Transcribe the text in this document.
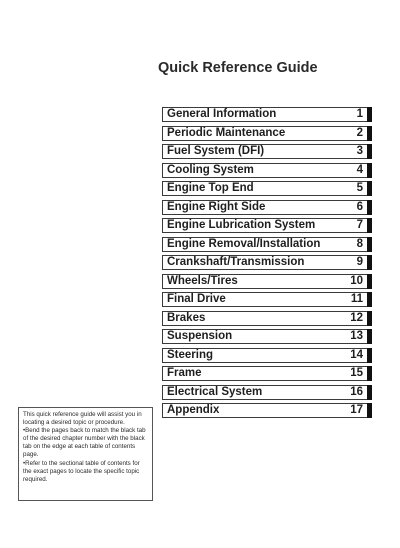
Quick Reference Guide
General Information	1
Periodic Maintenance	2
Fuel System (DFI)	3
Cooling System	4
Engine Top End	5
Engine Right Side	6
Engine Lubrication System	7
Engine Removal/Installation	8
Crankshaft/Transmission	9
Wheels/Tires	10
Final Drive	11
Brakes	12
Suspension	13
Steering	14
Frame	15
Electrical System	16
Appendix	17

This quick reference guide will assist you in locating a desired topic or procedure.

•Bend the pages back to match the black tab of the desired chapter number with the black tab on the edge at each table of contents page.

•Refer to the sectional table of contents for the exact pages to locate the specific topic required.
